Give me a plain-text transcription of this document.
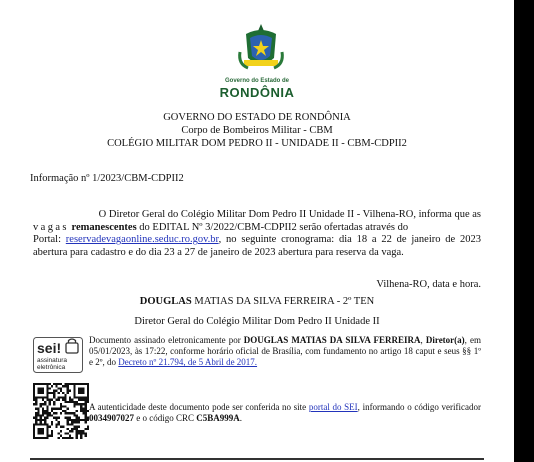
Governo do Estado de
RONDÔNIA
GOVERNO DO ESTADO DE RONDÔNIA
Corpo de Bombeiros Militar - CBM
COLÉGIO MILITAR DOM PEDRO II - UNIDADE II - CBM-CDPII2
Informação nº 1/2023/CBM-CDPII2
O Diretor Geral do Colégio Militar Dom Pedro II Unidade II - Vilhena-RO, informa que as
vagas remanescentes do EDITAL Nº 3/2022/CBM-CDPII2 serão ofertadas através do
Portal: reservadevagaonline.seduc.ro.gov.br, no seguinte cronograma: dia 18 a 22 de janeiro de 2023 abertura para cadastro e do dia 23 a 27 de janeiro de 2023 abertura para reserva da vaga.
Vilhena-RO, data e hora.
DOUGLAS MATIAS DA SILVA FERREIRA - 2º TEN
Diretor Geral do Colégio Militar Dom Pedro II Unidade II
sei!
assinatura
eletrônica
Documento assinado eletronicamente por DOUGLAS MATIAS DA SILVA FERREIRA, Diretor(a), em 05/01/2023, às 17:22, conforme horário oficial de Brasília, com fundamento no artigo 18 caput e seus §§ 1º e 2º, do Decreto nº 21.794, de 5 Abril de 2017.
A autenticidade deste documento pode ser conferida no site portal do SEI, informando o código verificador 0034907027 e o código CRC C5BA999A.
